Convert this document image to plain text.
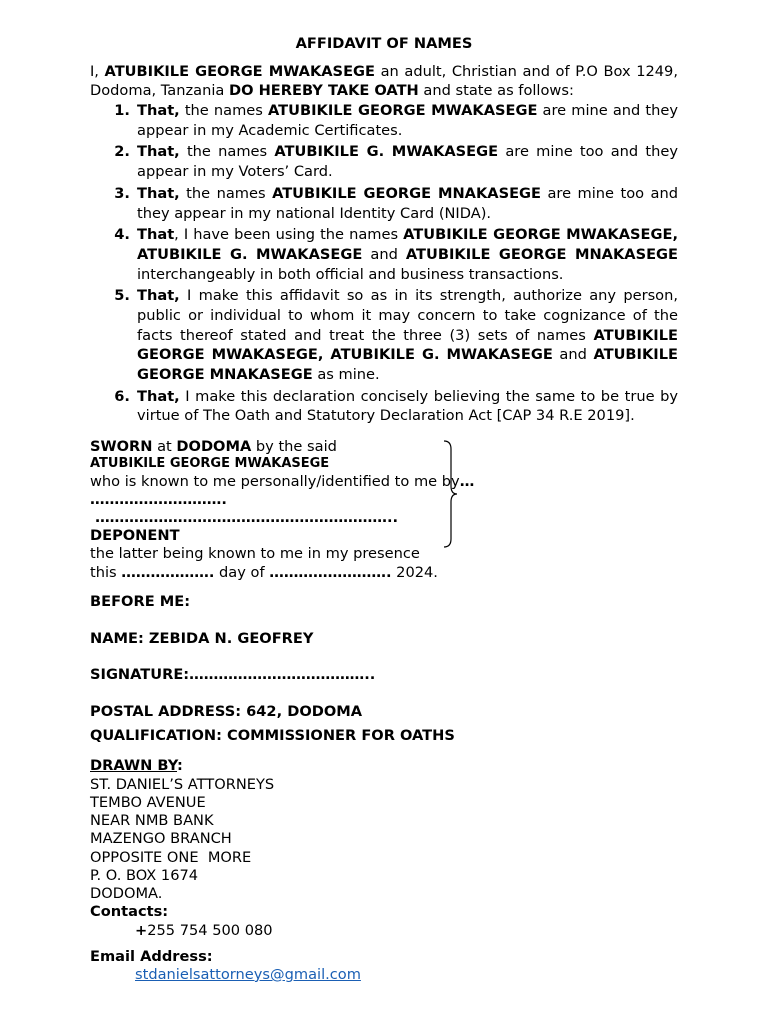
AFFIDAVIT OF NAMES

I, ATUBIKILE GEORGE MWAKASEGE an adult, Christian and of P.O Box 1249, Dodoma, Tanzania DO HEREBY TAKE OATH and state as follows:

1. That, the names ATUBIKILE GEORGE MWAKASEGE are mine and they appear in my Academic Certificates.
2. That, the names ATUBIKILE G. MWAKASEGE are mine too and they appear in my Voters’ Card.
3. That, the names ATUBIKILE GEORGE MNAKASEGE are mine too and they appear in my national Identity Card (NIDA).
4. That, I have been using the names ATUBIKILE GEORGE MWAKASEGE, ATUBIKILE G. MWAKASEGE and ATUBIKILE GEORGE MNAKASEGE interchangeably in both official and business transactions.
5. That, I make this affidavit so as in its strength, authorize any person, public or individual to whom it may concern to take cognizance of the facts thereof stated and treat the three (3) sets of names ATUBIKILE GEORGE MWAKASEGE, ATUBIKILE G. MWAKASEGE and ATUBIKILE GEORGE MNAKASEGE as mine.
6. That, I make this declaration concisely believing the same to be true by virtue of The Oath and Statutory Declaration Act [CAP 34 R.E 2019].
SWORN at DODOMA by the said
ATUBIKILE GEORGE MWAKASEGE
who is known to me personally/identified to me by…
……………………….
……………………………………………………..
DEPONENT
the latter being known to me in my presence
this ………………. day of ……………………. 2024.
BEFORE ME:
NAME: ZEBIDA N. GEOFREY
SIGNATURE:………………………………..
POSTAL ADDRESS: 642, DODOMA
QUALIFICATION: COMMISSIONER FOR OATHS
DRAWN BY:
ST. DANIEL’S ATTORNEYS
TEMBO AVENUE
NEAR NMB BANK
MAZENGO BRANCH
OPPOSITE ONE  MORE
P. O. BOX 1674
DODOMA.
Contacts:
+255 754 500 080
Email Address:
stdanielsattorneys@gmail.com
